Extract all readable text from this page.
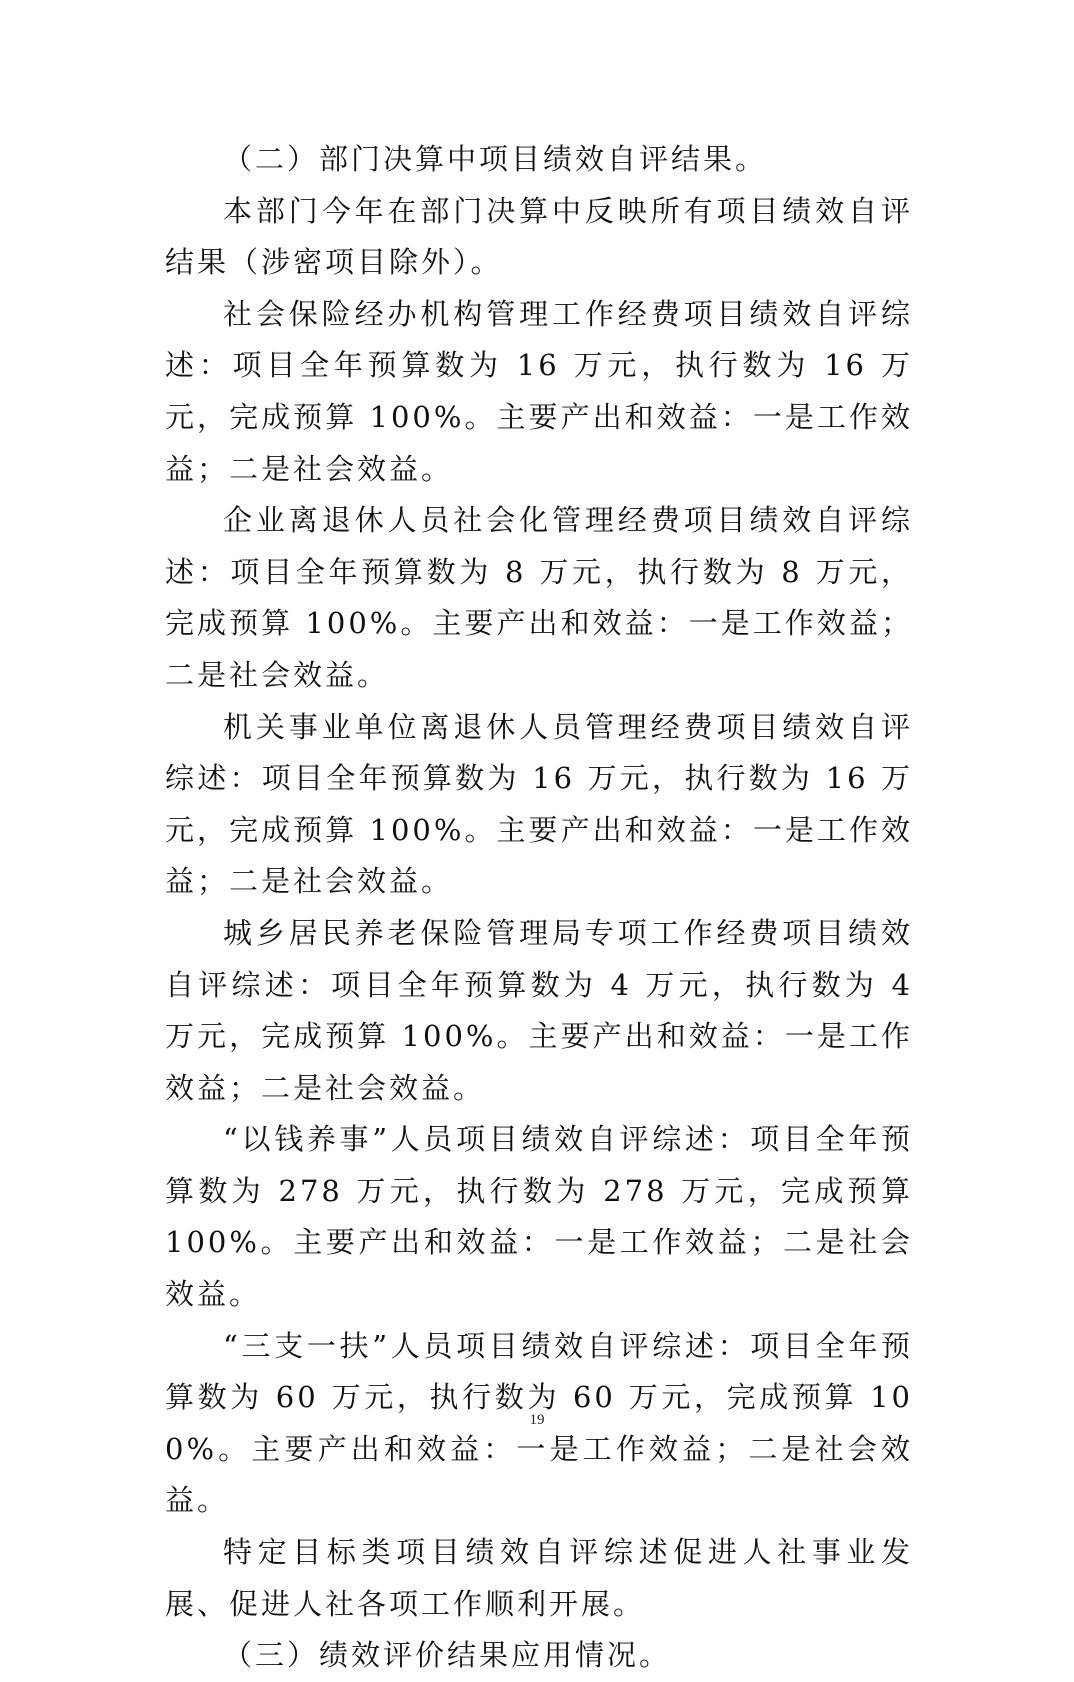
（二）部门决算中项目绩效自评结果。

本部门今年在部门决算中反映所有项目绩效自评结果（涉密项目除外）。

社会保险经办机构管理工作经费项目绩效自评综述：项目全年预算数为 16 万元，执行数为 16 万元，完成预算 100%。主要产出和效益：一是工作效益；二是社会效益。

企业离退休人员社会化管理经费项目绩效自评综述：项目全年预算数为 8 万元，执行数为 8 万元，完成预算 100%。主要产出和效益：一是工作效益；二是社会效益。

机关事业单位离退休人员管理经费项目绩效自评综述：项目全年预算数为 16 万元，执行数为 16 万元，完成预算 100%。主要产出和效益：一是工作效益；二是社会效益。

城乡居民养老保险管理局专项工作经费项目绩效自评综述：项目全年预算数为 4 万元，执行数为 4 万元，完成预算 100%。主要产出和效益：一是工作效益；二是社会效益。

“以钱养事”人员项目绩效自评综述：项目全年预算数为 278 万元，执行数为 278 万元，完成预算 100%。主要产出和效益：一是工作效益；二是社会效益。

“三支一扶”人员项目绩效自评综述：项目全年预算数为 60 万元，执行数为 60 万元，完成预算 100%。主要产出和效益：一是工作效益；二是社会效益。

特定目标类项目绩效自评综述促进人社事业发展、促进人社各项工作顺利开展。

（三）绩效评价结果应用情况。

19
